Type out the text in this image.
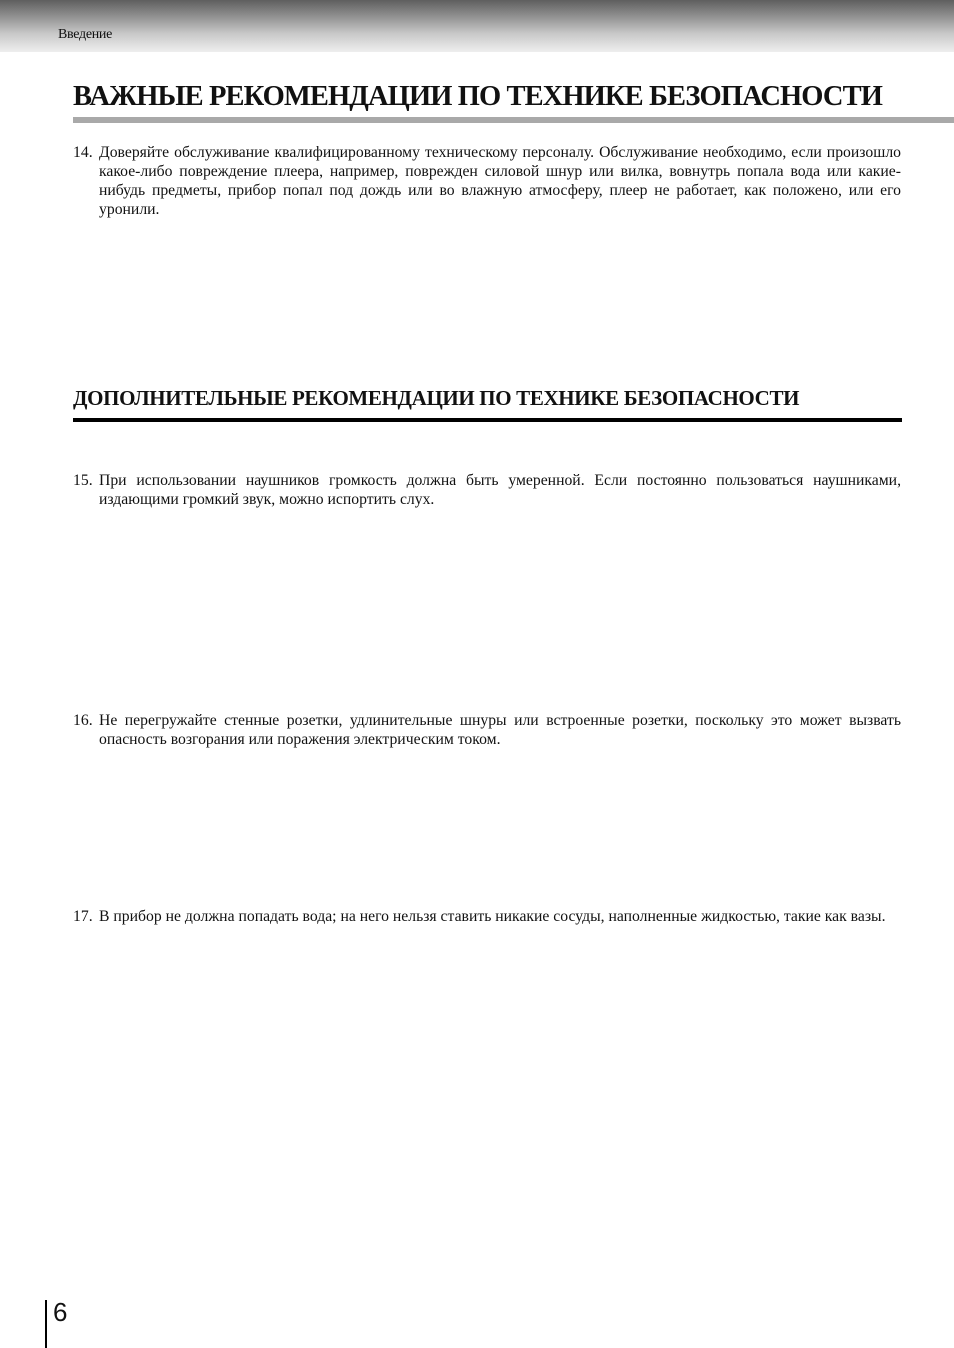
Введение
ВАЖНЫЕ РЕКОМЕНДАЦИИ ПО ТЕХНИКЕ БЕЗОПАСНОСТИ
14. Доверяйте обслуживание квалифицированному техническому персоналу. Обслуживание необходимо, если произошло какое-либо повреждение плеера, например, поврежден силовой шнур или вилка, вовнутрь попала вода или какие-нибудь предметы, прибор попал под дождь или во влажную атмосферу, плеер не работает, как положено, или его уронили.
ДОПОЛНИТЕЛЬНЫЕ РЕКОМЕНДАЦИИ ПО ТЕХНИКЕ БЕЗОПАСНОСТИ
15. При использовании наушников громкость должна быть умеренной. Если постоянно пользоваться наушниками, издающими громкий звук, можно испортить слух.
16. Не перегружайте стенные розетки, удлинительные шнуры или встроенные розетки, поскольку это может вызвать опасность возгорания или поражения электрическим током.
17. В прибор не должна попадать вода; на него нельзя ставить никакие сосуды, наполненные жидкостью, такие как вазы.
6
